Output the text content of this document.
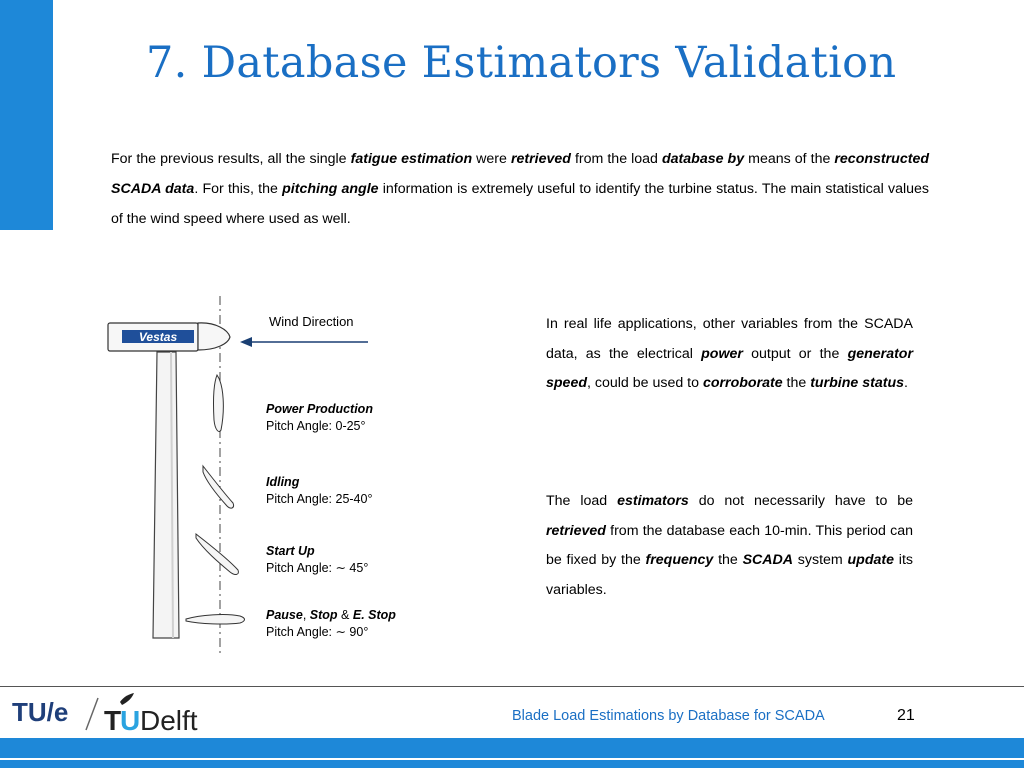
7. Database Estimators Validation
For the previous results, all the single fatigue estimation were retrieved from the load database by means of the reconstructed SCADA data. For this, the pitching angle information is extremely useful to identify the turbine status. The main statistical values of the wind speed where used as well.
Vestas
Wind Direction
Power Production
Pitch Angle: 0-25°
Idling
Pitch Angle: 25-40°
Start Up
Pitch Angle: ∼ 45°
Pause, Stop & E. Stop
Pitch Angle: ∼ 90°
In real life applications, other variables from the SCADA data, as the electrical power output or the generator speed, could be used to corroborate the turbine status.
The load estimators do not necessarily have to be retrieved from the database each 10-min. This period can be fixed by the frequency the SCADA system update its variables.
TU/e T
U Delft	Blade Load Estimations by Database for SCADA	21
